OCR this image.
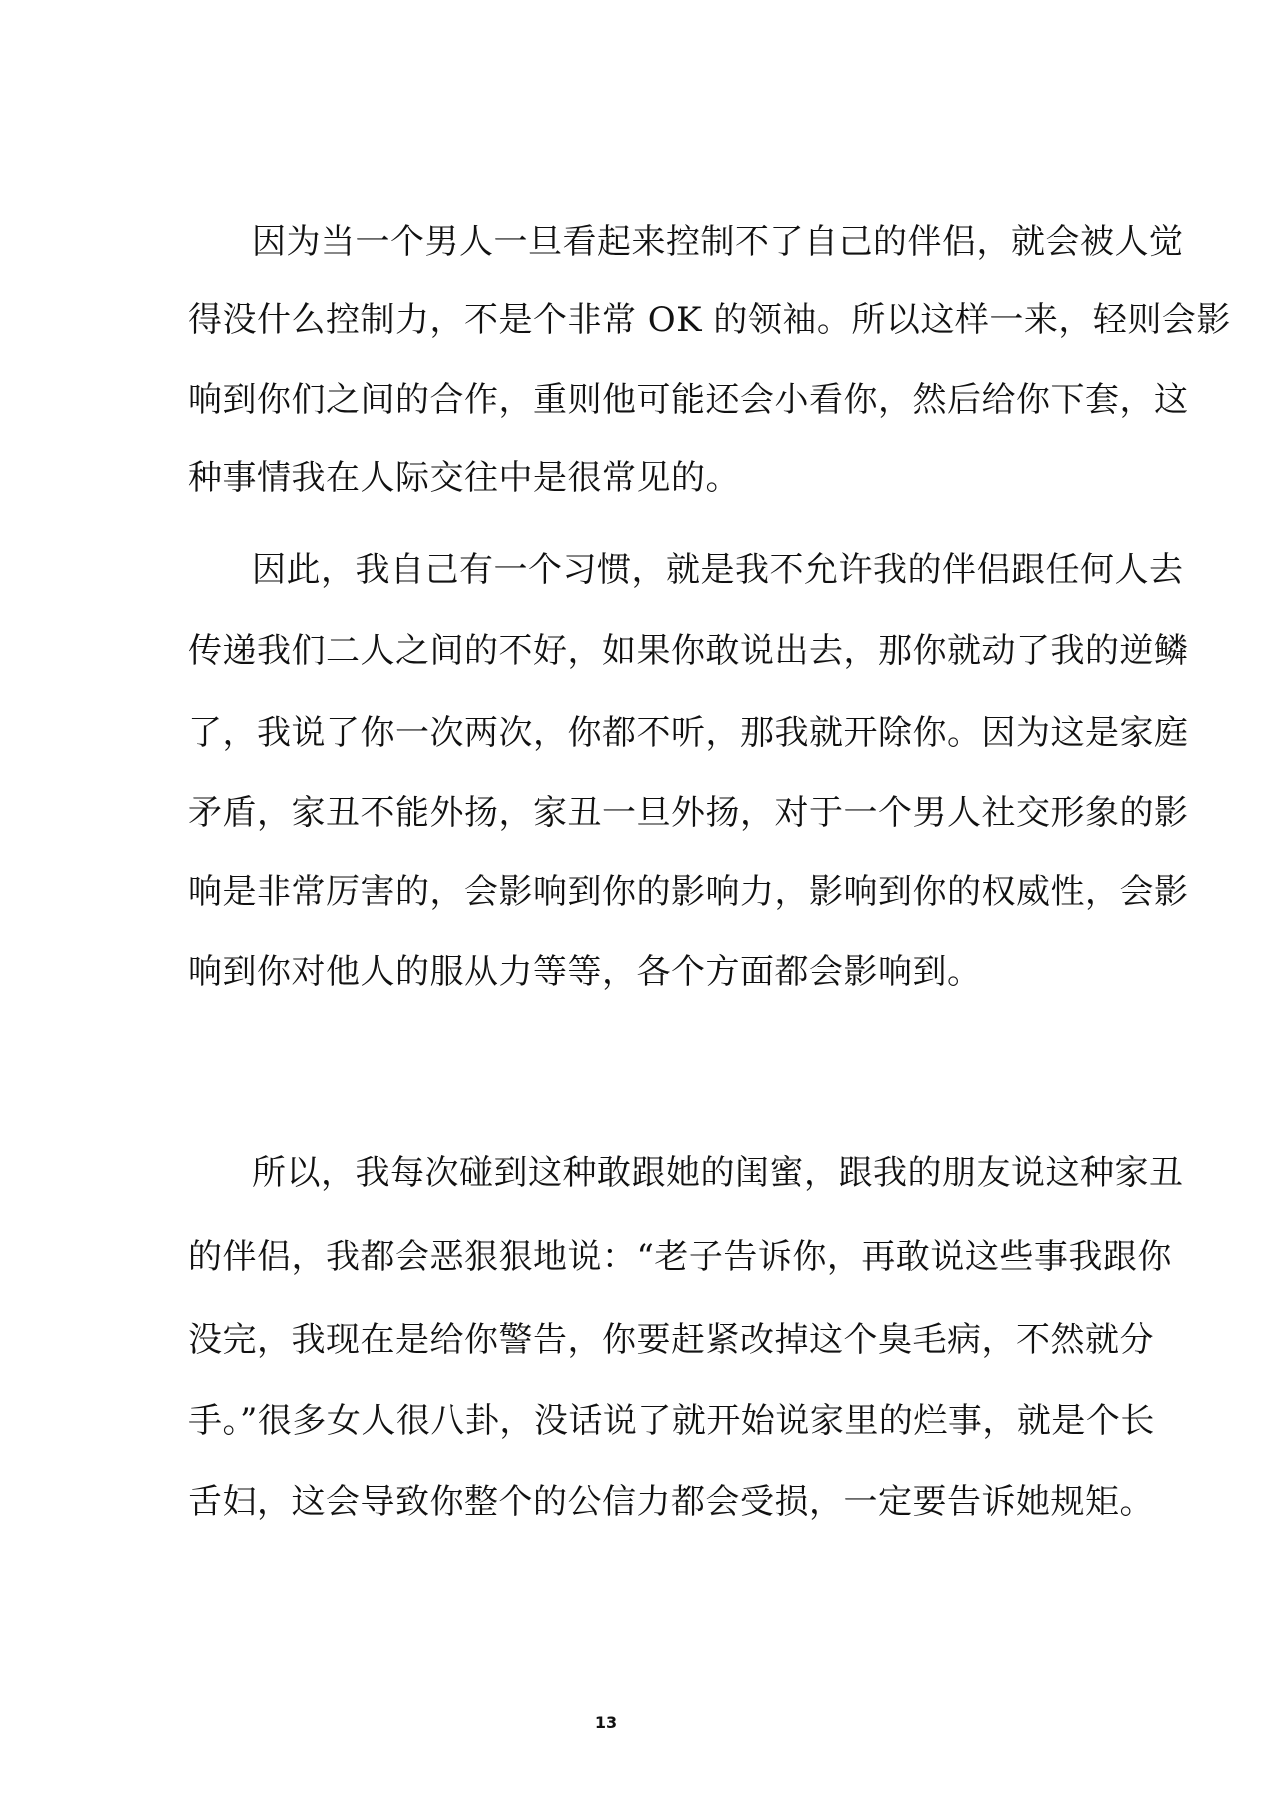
因为当一个男人一旦看起来控制不了自己的伴侣，就会被人觉
得没什么控制力，不是个非常 OK 的领袖。所以这样一来，轻则会影
响到你们之间的合作，重则他可能还会小看你，然后给你下套，这
种事情我在人际交往中是很常见的。
因此，我自己有一个习惯，就是我不允许我的伴侣跟任何人去
传递我们二人之间的不好，如果你敢说出去，那你就动了我的逆鳞
了，我说了你一次两次，你都不听，那我就开除你。因为这是家庭
矛盾，家丑不能外扬，家丑一旦外扬，对于一个男人社交形象的影
响是非常厉害的，会影响到你的影响力，影响到你的权威性，会影
响到你对他人的服从力等等，各个方面都会影响到。
所以，我每次碰到这种敢跟她的闺蜜，跟我的朋友说这种家丑
的伴侣，我都会恶狠狠地说：“老子告诉你，再敢说这些事我跟你
没完，我现在是给你警告，你要赶紧改掉这个臭毛病，不然就分
手。”很多女人很八卦，没话说了就开始说家里的烂事，就是个长
舌妇，这会导致你整个的公信力都会受损，一定要告诉她规矩。
13
